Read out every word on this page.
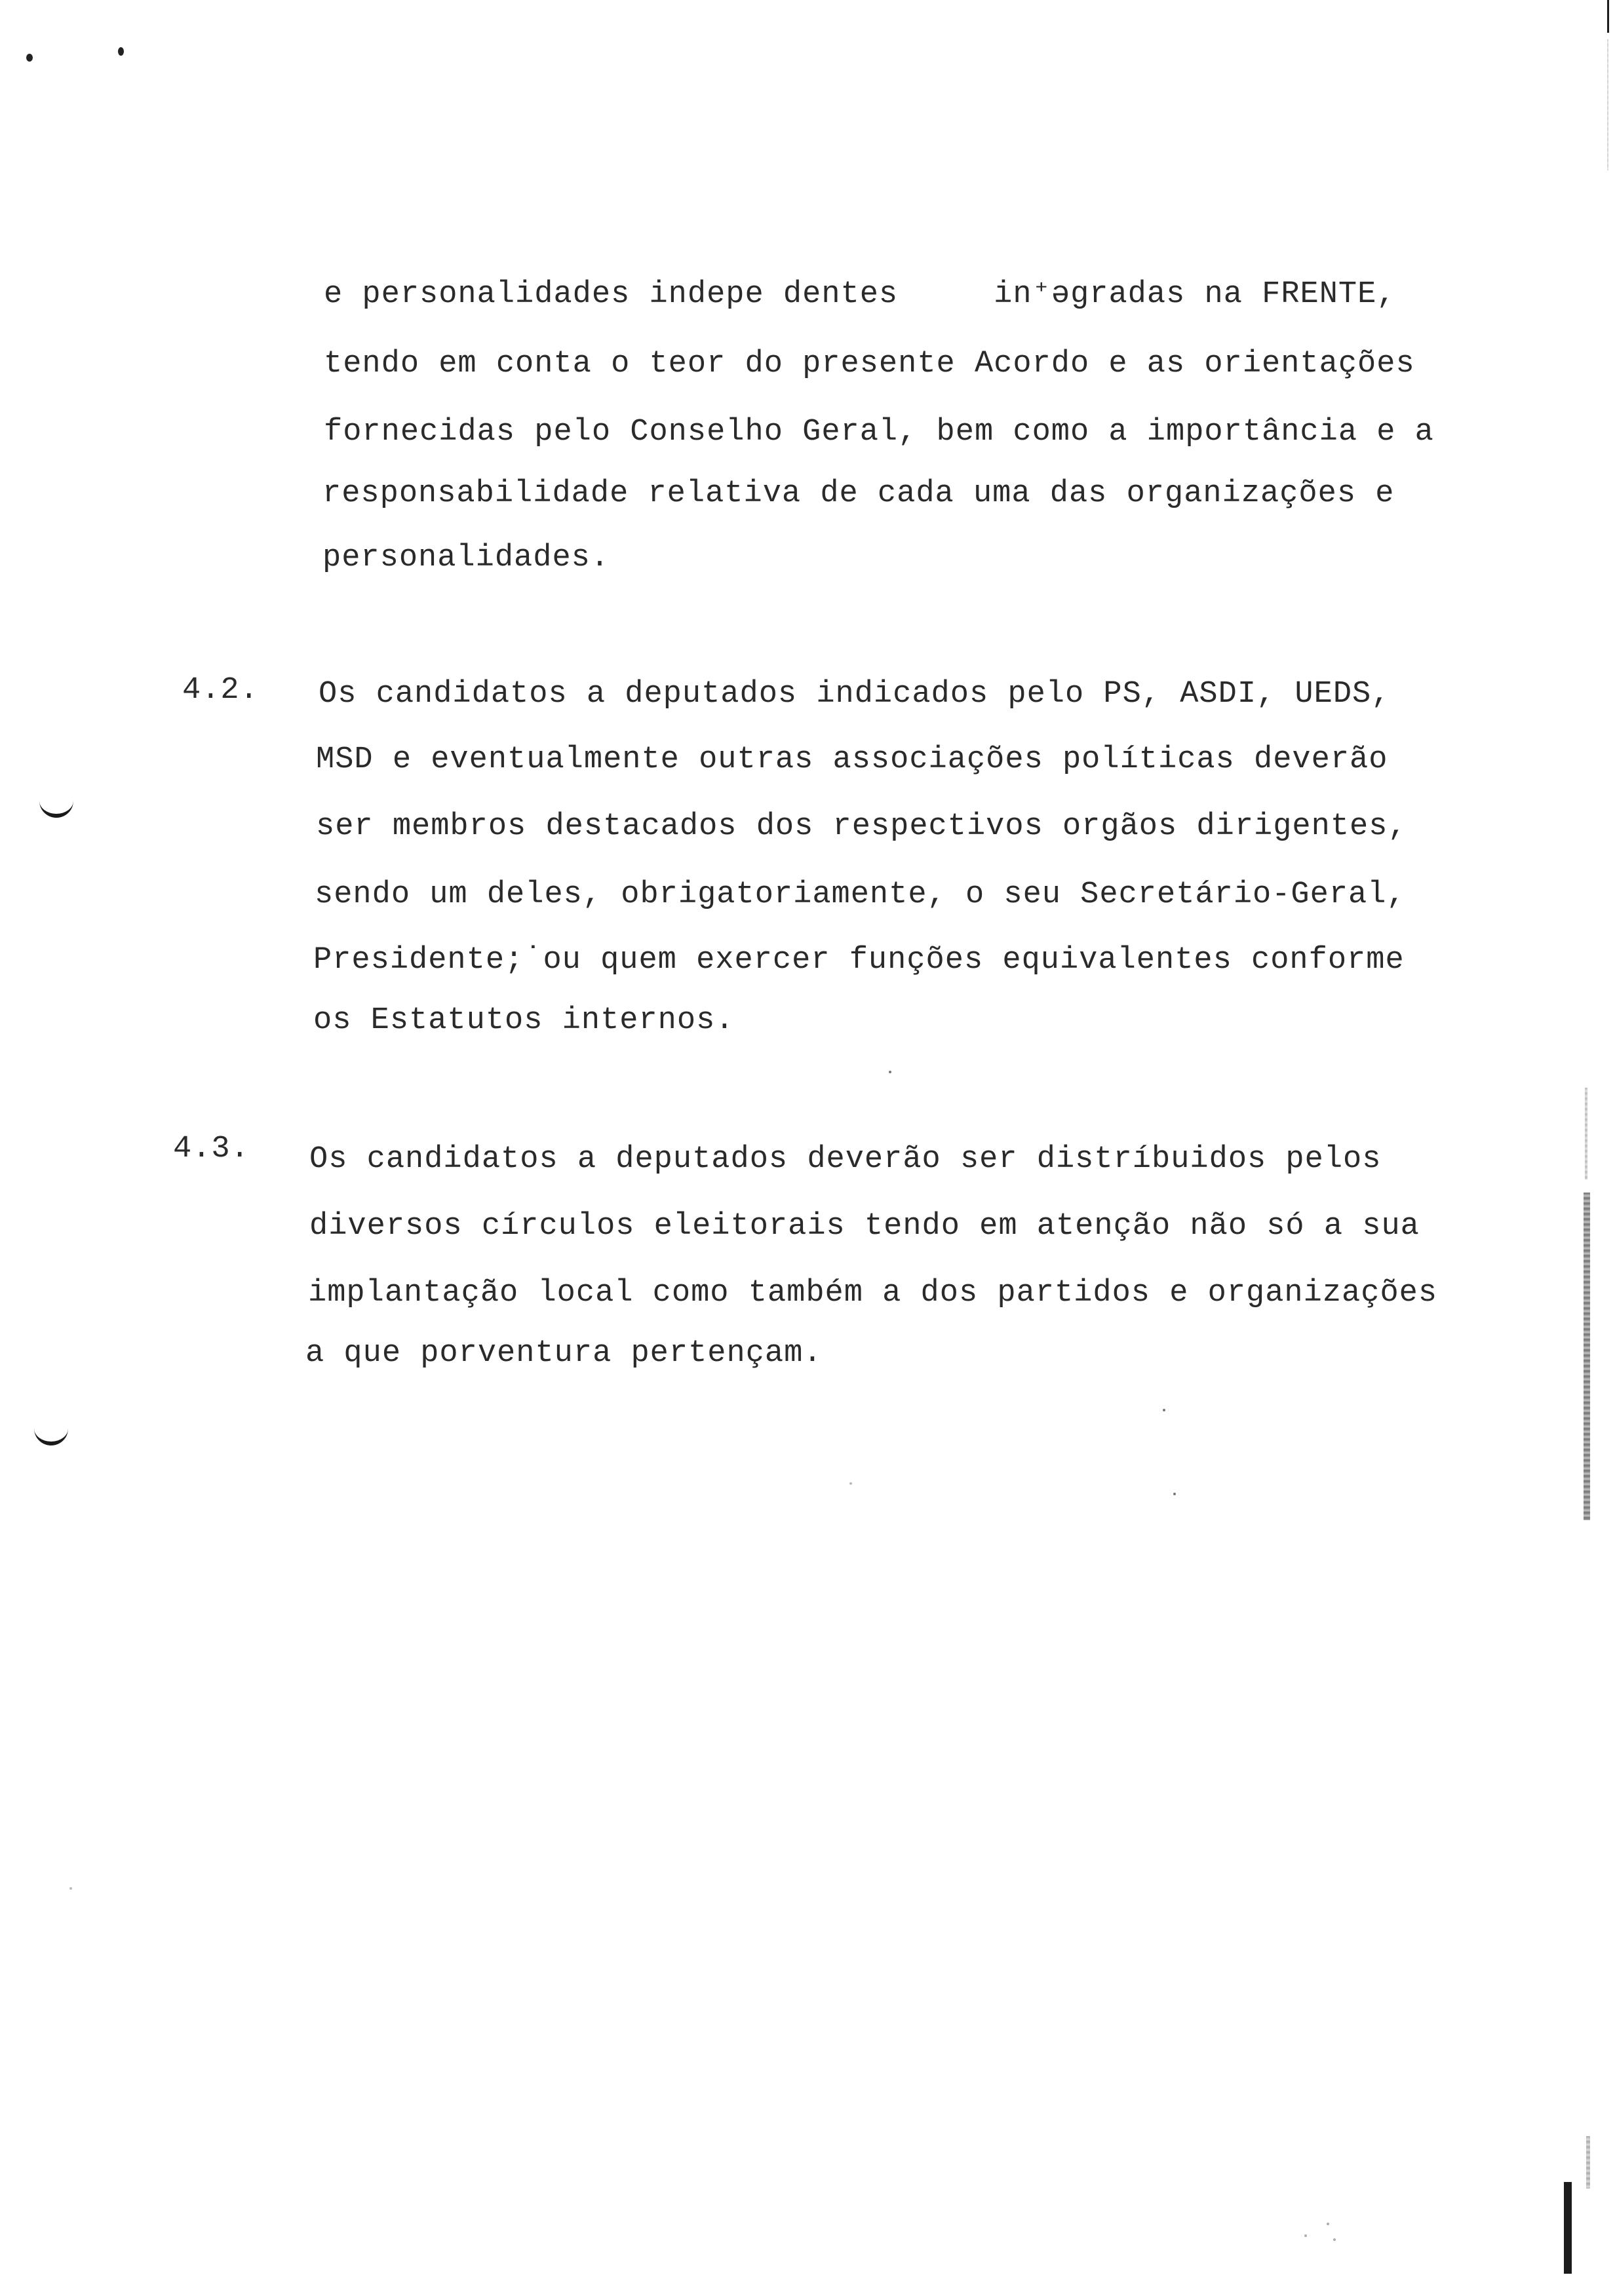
e personalidades indepe dentes     in⁺əgradas na FRENTE,
tendo em conta o teor do presente Acordo e as orientações
fornecidas pelo Conselho Geral, bem como a importância e a
responsabilidade relativa de cada uma das organizações e
personalidades.
4.2. Os candidatos a deputados indicados pelo PS, ASDI, UEDS,
MSD e eventualmente outras associações políticas deverão
ser membros destacados dos respectivos orgãos dirigentes,
sendo um deles, obrigatoriamente, o seu Secretário-Geral,
Presidente;˙ou quem exercer funções equivalentes conforme
os Estatutos internos.
4.3. Os candidatos a deputados deverão ser distríbuidos pelos
diversos círculos eleitorais tendo em atenção não só a sua
implantação local como também a dos partidos e organizações
a que porventura pertençam.
